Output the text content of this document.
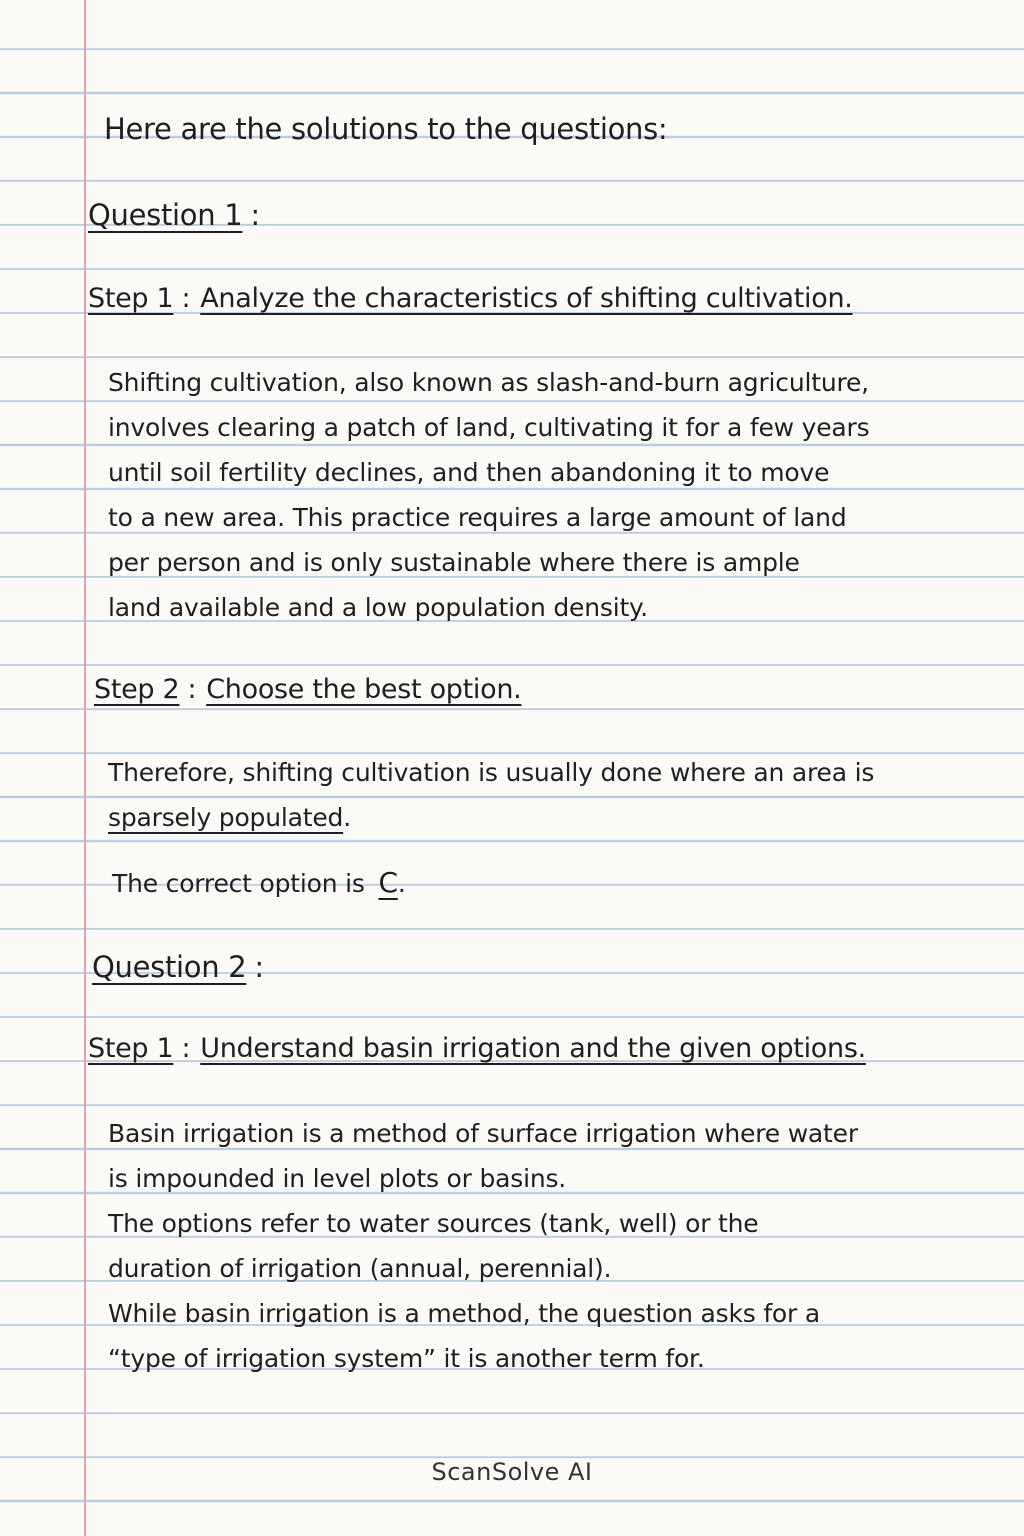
Here are the solutions to the questions:

Question 1 :
Step 1 : Analyze the characteristics of shifting cultivation.
Shifting cultivation, also known as slash-and-burn agriculture,
involves clearing a patch of land, cultivating it for a few years
until soil fertility declines, and then abandoning it to move
to a new area. This practice requires a large amount of land
per person and is only sustainable where there is ample
land available and a low population density.
Step 2 : Choose the best option.
Therefore, shifting cultivation is usually done where an area is
sparsely populated.
The correct option is C.
Question 2 :
Step 1 : Understand basin irrigation and the given options.
Basin irrigation is a method of surface irrigation where water
is impounded in level plots or basins.
The options refer to water sources (tank, well) or the
duration of irrigation (annual, perennial).
While basin irrigation is a method, the question asks for a
“type of irrigation system” it is another term for.
ScanSolve AI
